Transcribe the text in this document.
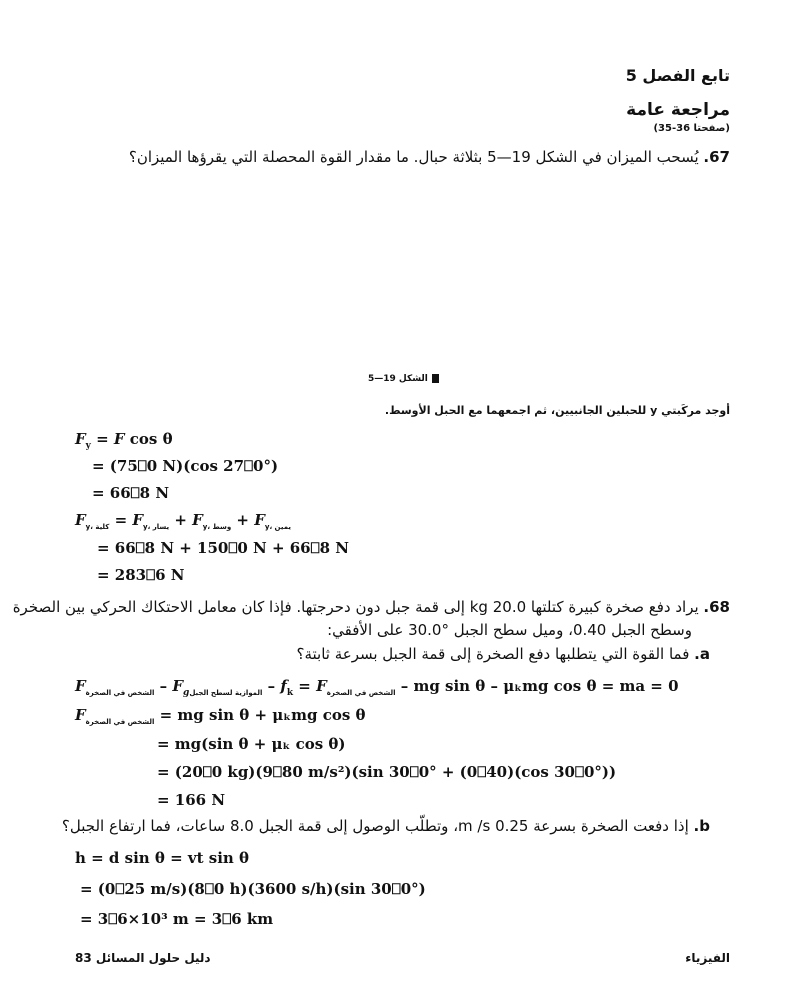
تابع الفصل 5
مراجعة عامة
(صفحتا 36-35)
67. يُسحب الميزان في الشكل 19—5 بثلاثة حبال. ما مقدار القوة المحصلة التي يقرؤها الميزان؟
الشكل 19—5
أوجد مركَبتي y للحبلين الجانبيين، ثم اجمعهما مع الحبل الأوسط.
$F_y = F$ cos θ
= (75⎕0 N)(cos 27⎕0°)
= 66⎕8 N
$F_{y، كلية} = F_{y، يسار} + F_{y، وسط} + F_{y، يمين}$
= 66⎕8 N + 150⎕0 N + 66⎕8 N
= 283⎕6 N
68. يراد دفع صخرة كبيرة كتلتها 20.0 kg إلى قمة جبل دون دحرجتها. فإذا كان معامل الاحتكاك الحركي بين الصخرة
وسطح الجبل 0.40، وميل سطح الجبل °30.0 على الأفقي:
a. فما القوة التي يتطلبها دفع الصخرة إلى قمة الجبل بسرعة ثابتة؟
$F_{الشخص في الصخرة} - F_{gالموازية لسطح الجبل} - f_k = F_{الشخص في الصخرة}$ – mg sin θ – μₖmg cos θ = ma = 0
$F_{الشخص في الصخرة}$ = mg sin θ + μₖmg cos θ
= mg(sin θ + μₖ cos θ)
= (20⎕0 kg)(9⎕80 m/s²)(sin 30⎕0° + (0⎕40)(cos 30⎕0°))
= 166 N
b. إذا دفعت الصخرة بسرعة 0.25 m /s، وتطلّب الوصول إلى قمة الجبل 8.0 ساعات، فما ارتفاع الجبل؟
h = d sin θ = vt sin θ
= (0⎕25 m/s)(8⎕0 h)(3600 s/h)(sin 30⎕0°)
= 3⎕6×10³ m = 3⎕6 km
دليل حلول المسائل 83	الفيزياء
